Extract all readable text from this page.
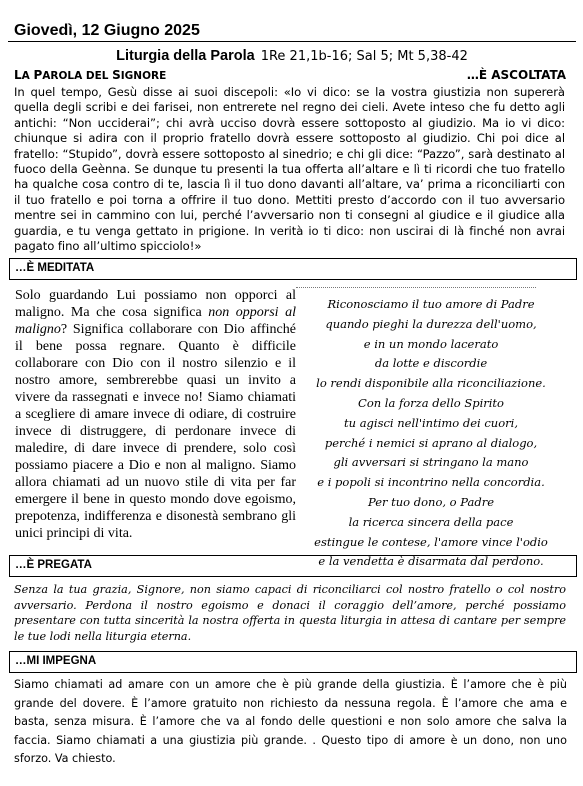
Giovedì, 12 Giugno 2025
Liturgia della Parola 1Re 21,1b-16; Sal 5; Mt 5,38-42
LA PAROLA DEL SIGNORE	…È ASCOLTATA
In quel tempo, Gesù disse ai suoi discepoli: «Io vi dico: se la vostra giustizia non supererà quella degli scribi e dei farisei, non entrerete nel regno dei cieli. Avete inteso che fu detto agli antichi: “Non ucciderai”; chi avrà ucciso dovrà essere sottoposto al giudizio. Ma io vi dico: chiunque si adira con il proprio fratello dovrà essere sottoposto al giudizio. Chi poi dice al fratello: “Stupido”, dovrà essere sottoposto al sinedrio; e chi gli dice: “Pazzo”, sarà destinato al fuoco della Geènna. Se dunque tu presenti la tua offerta all’altare e lì ti ricordi che tuo fratello ha qualche cosa contro di te, lascia lì il tuo dono davanti all’altare, va’ prima a riconciliarti con il tuo fratello e poi torna a offrire il tuo dono. Mettiti presto d’accordo con il tuo avversario mentre sei in cammino con lui, perché l’avversario non ti consegni al giudice e il giudice alla guardia, e tu venga gettato in prigione. In verità io ti dico: non uscirai di là finché non avrai pagato fino all’ultimo spicciolo!»
…È MEDITATA

Solo guardando Lui possiamo non opporci al maligno. Ma che cosa significa non opporsi al maligno? Significa collaborare con Dio affinché il bene possa regnare. Quanto è difficile collaborare con Dio con il nostro silenzio e il nostro amore, sembrerebbe quasi un invito a vivere da rassegnati e invece no! Siamo chiamati a scegliere di amare invece di odiare, di costruire invece di distruggere, di perdonare invece di maledire, di dare invece di prendere, solo così possiamo piacere a Dio e non al maligno. Siamo allora chiamati ad un nuovo stile di vita per far emergere il bene in questo mondo dove egoismo, prepotenza, indifferenza e disonestà sembrano gli unici principi di vita.

Riconosciamo il tuo amore di Padre
quando pieghi la durezza dell'uomo,
e in un mondo lacerato
da lotte e discordie
lo rendi disponibile alla riconciliazione.
Con la forza dello Spirito
tu agisci nell'intimo dei cuori,
perché i nemici si aprano al dialogo,
gli avversari si stringano la mano
e i popoli si incontrino nella concordia.
Per tuo dono, o Padre
la ricerca sincera della pace
estingue le contese, l'amore vince l'odio
e la vendetta è disarmata dal perdono.
…È PREGATA
Senza la tua grazia, Signore, non siamo capaci di riconciliarci col nostro fratello o col nostro avversario. Perdona il nostro egoismo e donaci il coraggio dell’amore, perché possiamo presentare con tutta sincerità la nostra offerta in questa liturgia in attesa di cantare per sempre le tue lodi nella liturgia eterna.
…MI IMPEGNA
Siamo chiamati ad amare con un amore che è più grande della giustizia. È l’amore che è più grande del dovere. È l’amore gratuito non richiesto da nessuna regola. È l’amore che ama e basta, senza misura. È l’amore che va al fondo delle questioni e non solo amore che salva la faccia. Siamo chiamati a una giustizia più grande. . Questo tipo di amore è un dono, non uno sforzo. Va chiesto.
